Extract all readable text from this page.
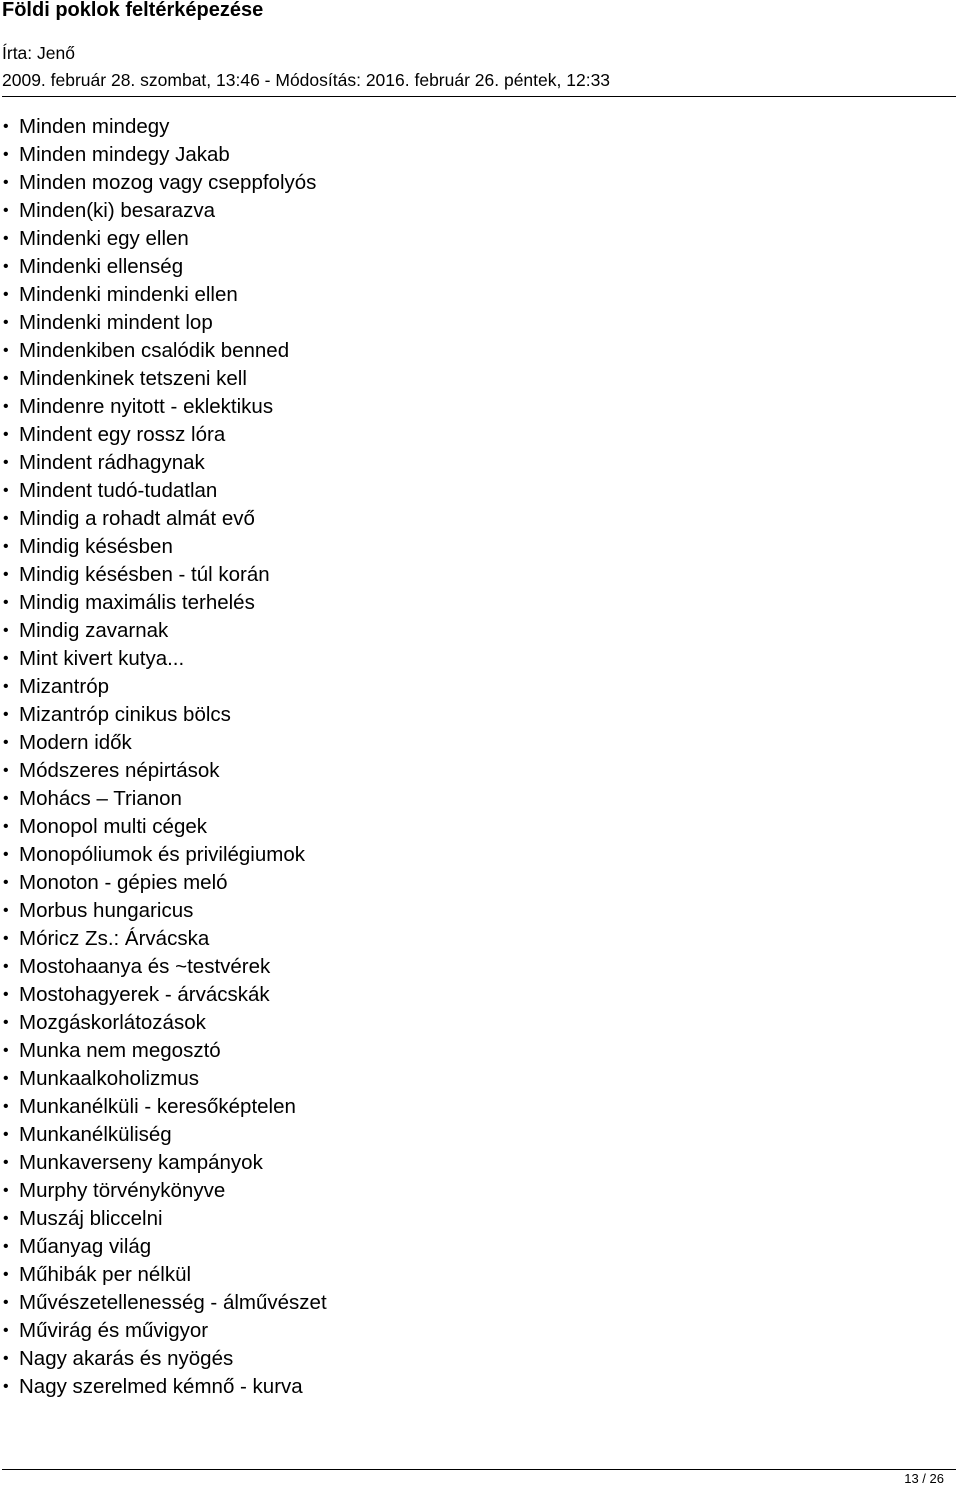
Földi poklok feltérképezése
Írta: Jenő
2009. február 28. szombat, 13:46 - Módosítás: 2016. február 26. péntek, 12:33
• Minden mindegy
• Minden mindegy Jakab
• Minden mozog vagy cseppfolyós
• Minden(ki) besarazva
• Mindenki egy ellen
• Mindenki ellenség
• Mindenki mindenki ellen
• Mindenki mindent lop
• Mindenkiben csalódik benned
• Mindenkinek tetszeni kell
• Mindenre nyitott - eklektikus
• Mindent egy rossz lóra
• Mindent rádhagynak
• Mindent tudó-tudatlan
• Mindig a rohadt almát evő
• Mindig késésben
• Mindig késésben - túl korán
• Mindig maximális terhelés
• Mindig zavarnak
• Mint kivert kutya...
• Mizantróp
• Mizantróp cinikus bölcs
• Modern idők
• Módszeres népirtások
• Mohács – Trianon
• Monopol multi cégek
• Monopóliumok és privilégiumok
• Monoton - gépies meló
• Morbus hungaricus
• Móricz Zs.: Árvácska
• Mostohaanya és ~testvérek
• Mostohagyerek - árvácskák
• Mozgáskorlátozások
• Munka nem megosztó
• Munkaalkoholizmus
• Munkanélküli - keresőképtelen
• Munkanélküliség
• Munkaverseny kampányok
• Murphy törvénykönyve
• Muszáj bliccelni
• Műanyag világ
• Műhibák per nélkül
• Művészetellenesség - álművészet
• Művirág és művigyor
• Nagy akarás és nyögés
• Nagy szerelmed kémnő - kurva
13 / 26
